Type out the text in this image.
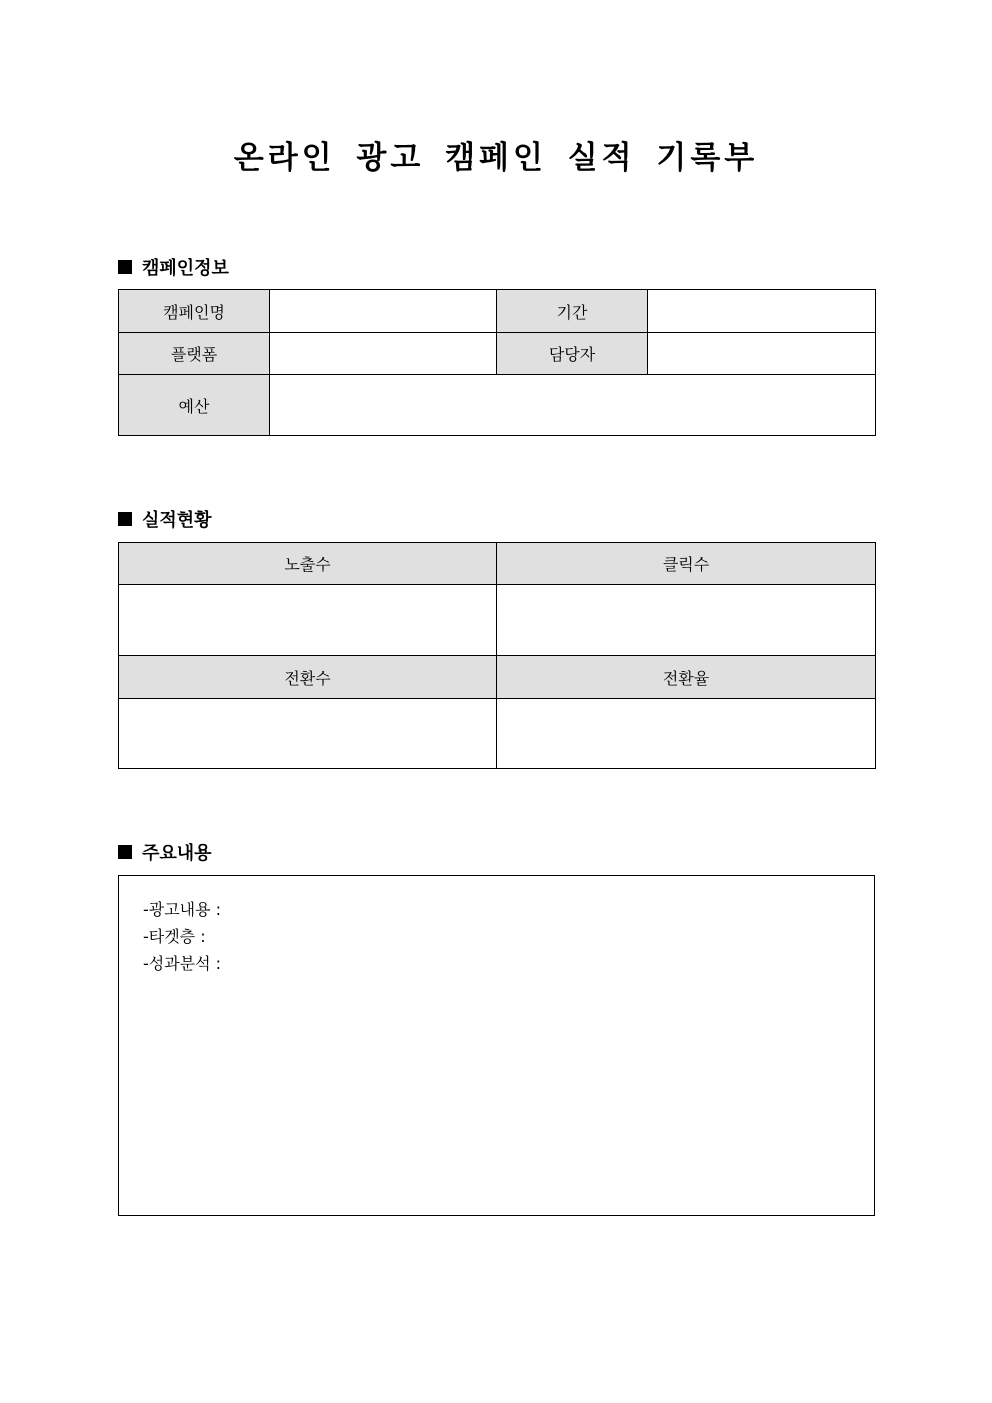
온라인 광고 캠페인 실적 기록부
캠페인정보
캠페인명		기간	
플랫폼		담당자	
예산			
실적현황
노출수	클릭수

전환수	전환율

주요내용
-광고내용 :
-타겟층 :
-성과분석 :
